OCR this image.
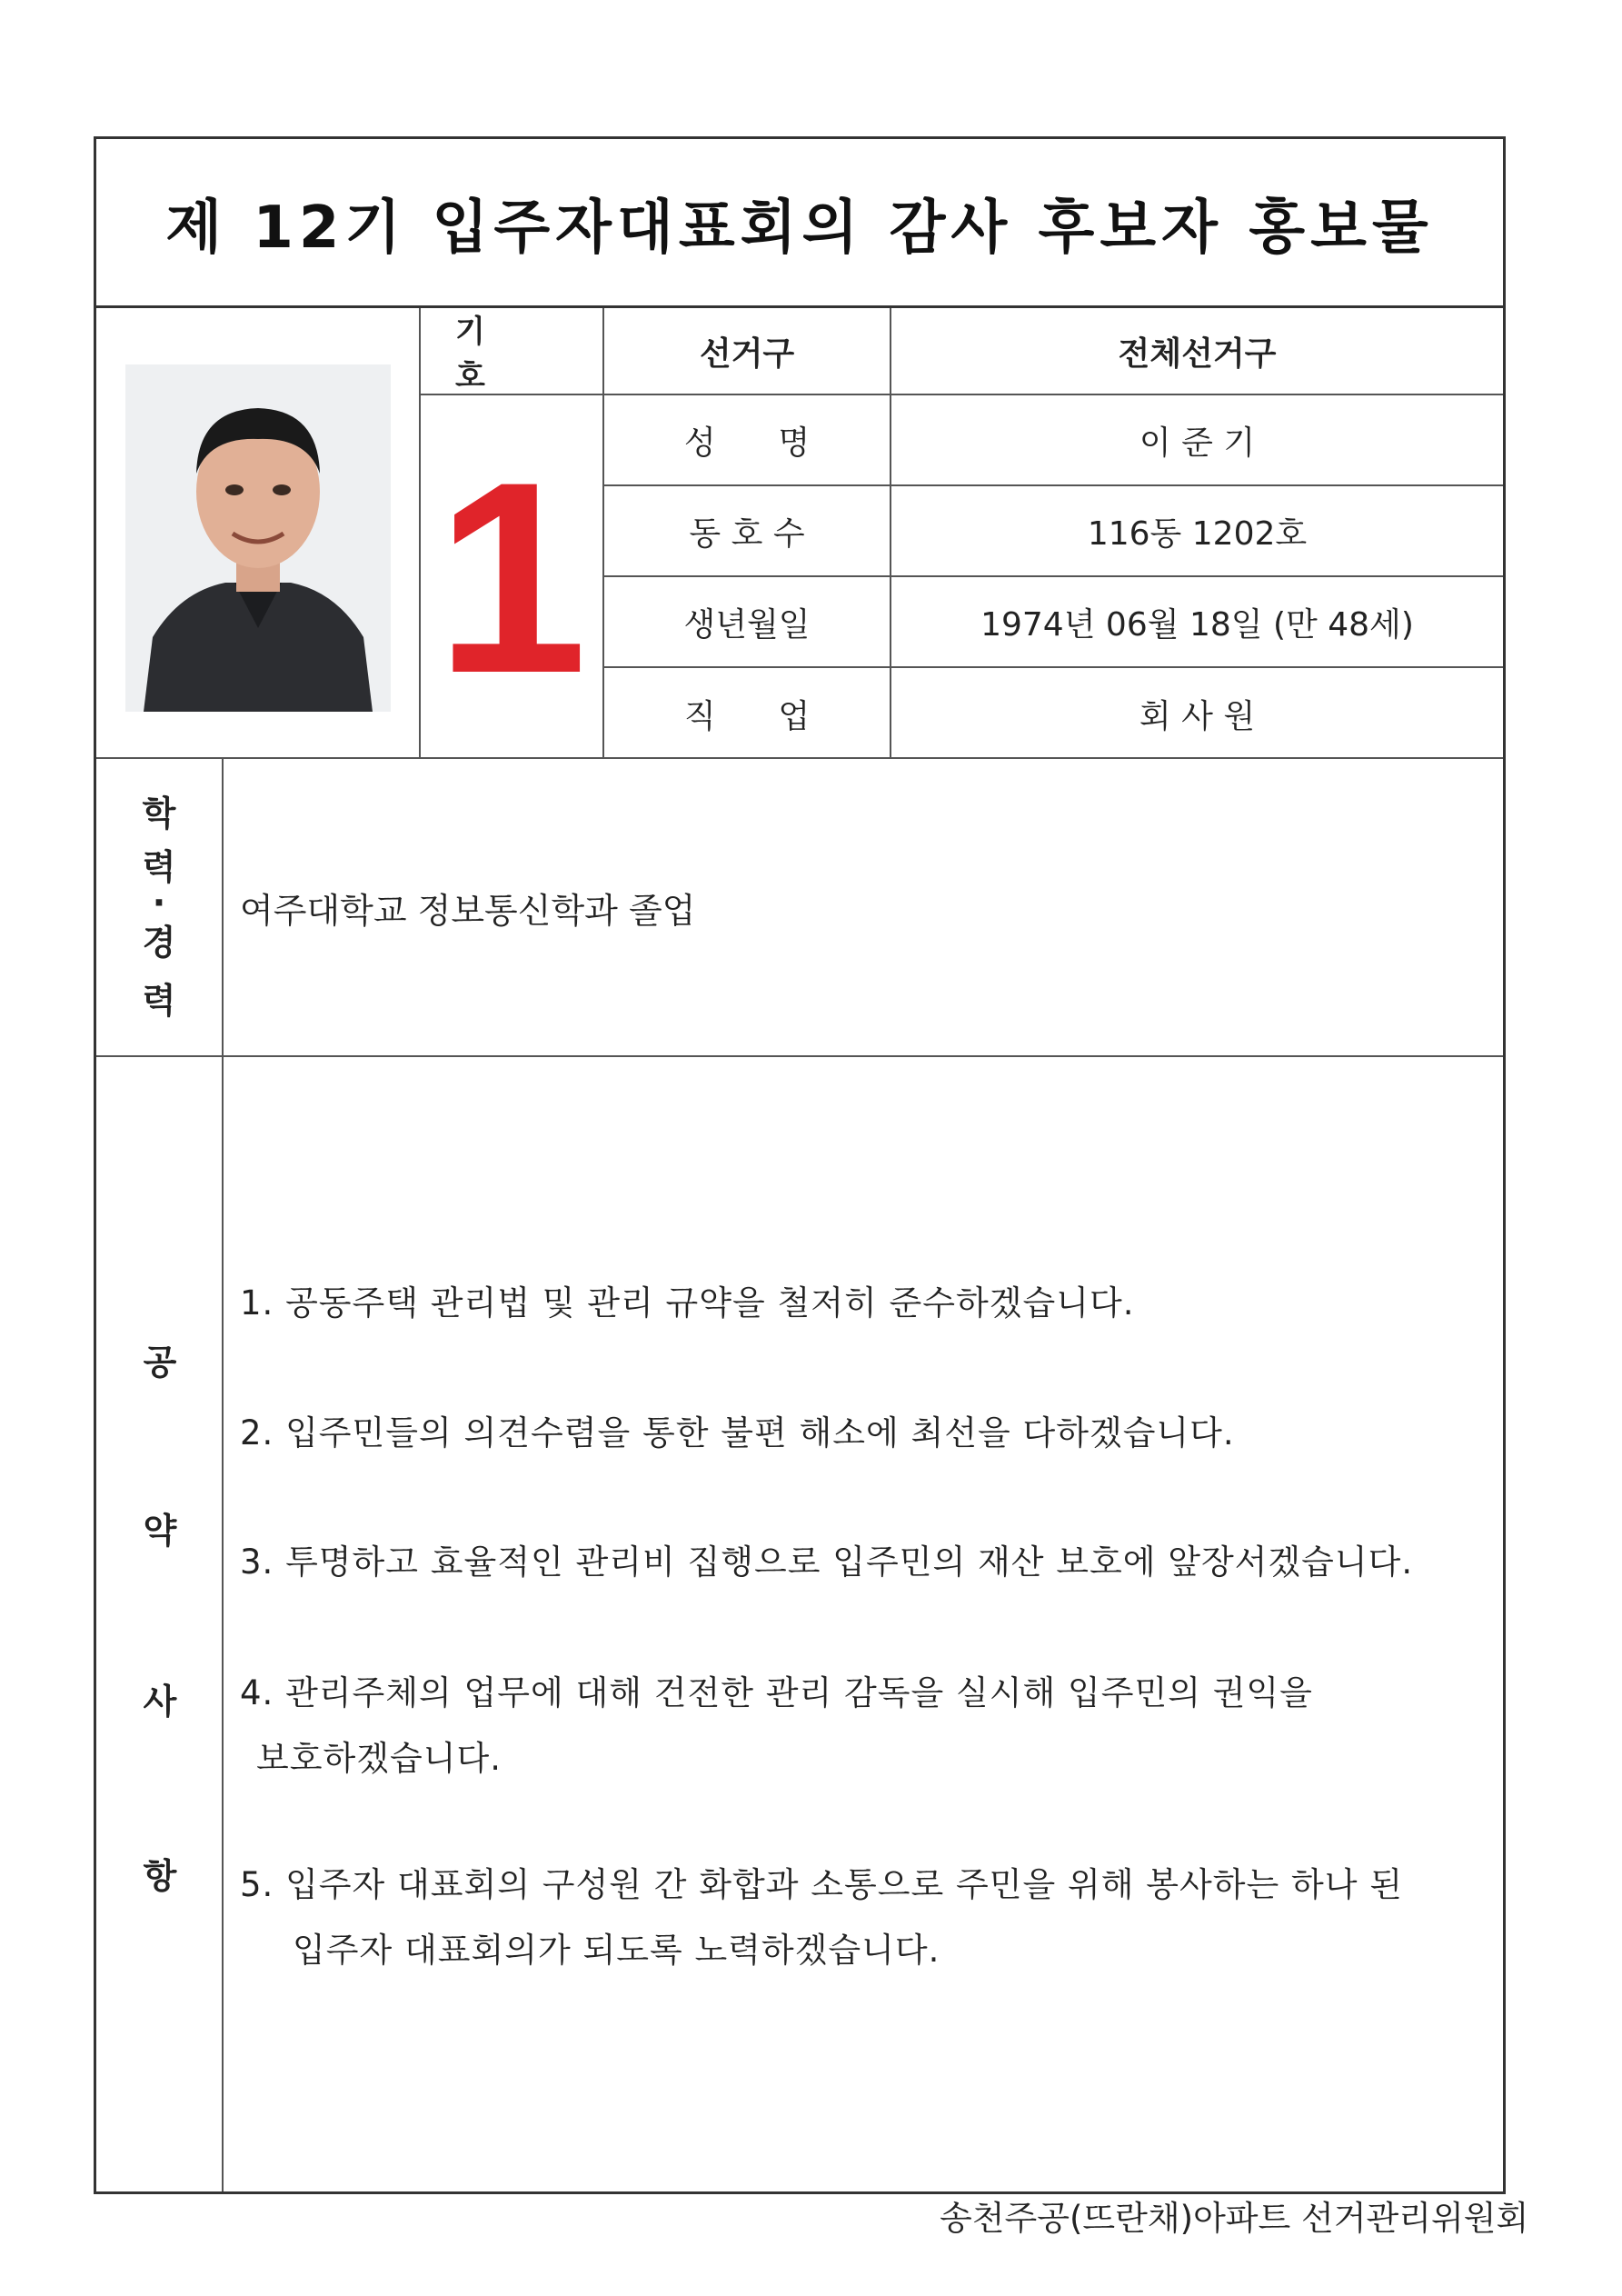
제 12기 입주자대표회의 감사 후보자 홍보물
기 호
1
선거구	전체선거구
성      명	이 준 기
동 호 수	116동 1202호
생년월일	1974년 06월 18일 (만 48세)
직      업	회 사 원
학
력
·
경
력
여주대학교 정보통신학과 졸업
공
약
사
항
1. 공동주택 관리법 및 관리 규약을 철저히 준수하겠습니다.
2. 입주민들의 의견수렴을 통한 불편 해소에 최선을 다하겠습니다.
3. 투명하고 효율적인 관리비 집행으로 입주민의 재산 보호에 앞장서겠습니다.
4. 관리주체의 업무에 대해 건전한 관리 감독을 실시해 입주민의 권익을
보호하겠습니다.
5. 입주자 대표회의 구성원 간 화합과 소통으로 주민을 위해 봉사하는 하나 된
입주자 대표회의가 되도록 노력하겠습니다.
송천주공(뜨란채)아파트 선거관리위원회
